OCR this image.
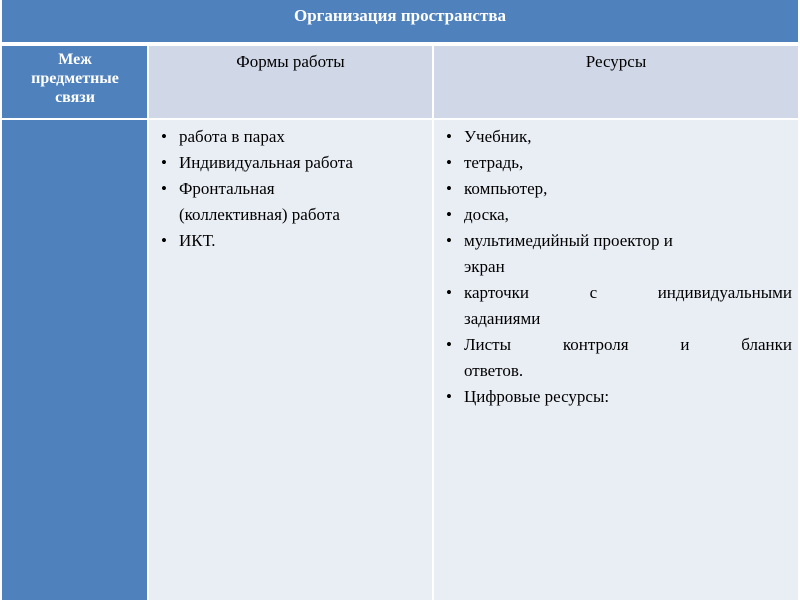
Организация пространства
Меж
предметные
связи
Формы работы	Ресурсы
• работа в парах
• Индивидуальная работа
• Фронтальная
(коллективная) работа
• ИКТ.
• Учебник,
• тетрадь,
• компьютер,
• доска,
• мультимедийный проектор и
экран
• карточки с индивидуальными
заданиями
• Листы контроля и бланки
ответов.
• Цифровые ресурсы:
